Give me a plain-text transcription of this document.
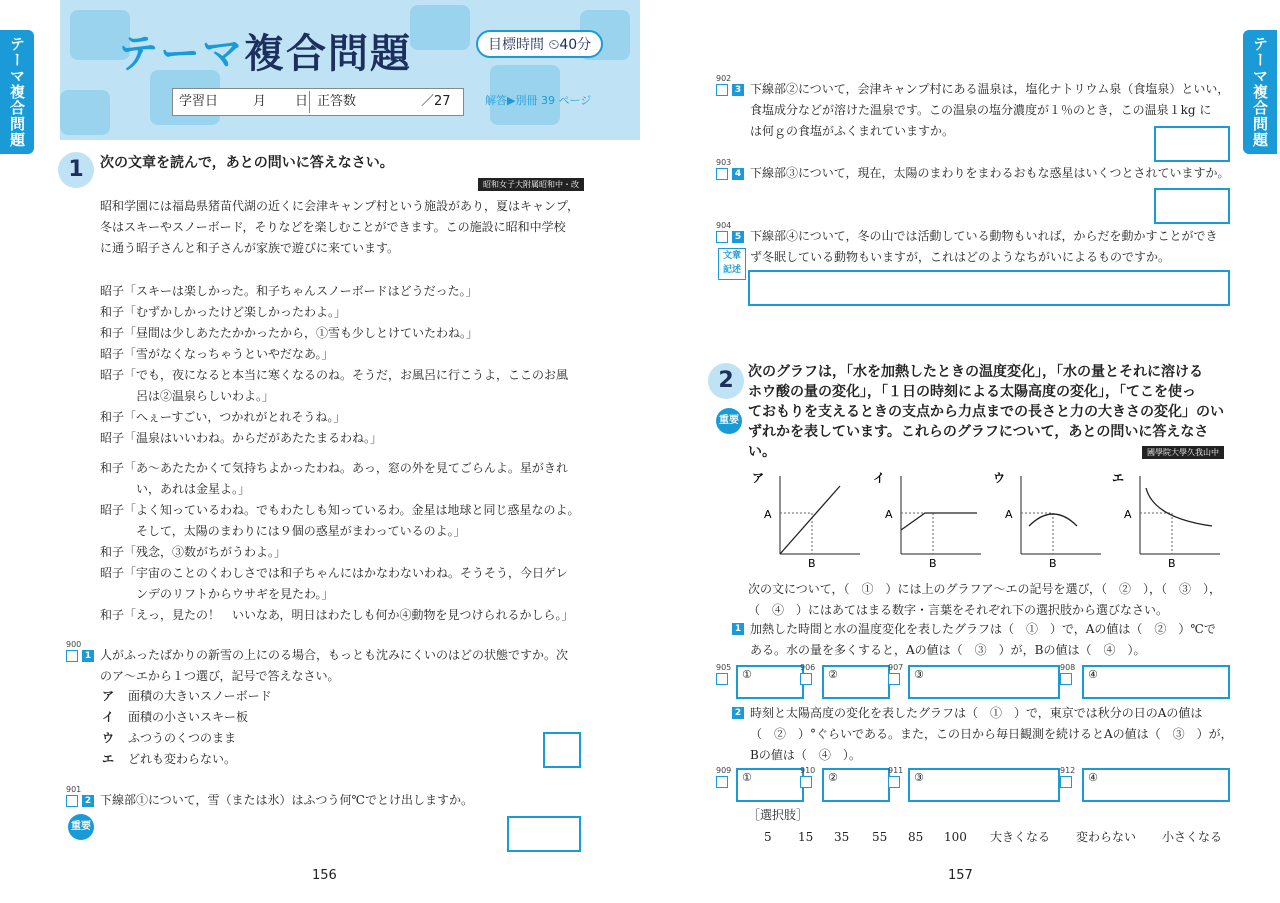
テーマ複合問題 テーマ複合問題	目標時間 ⏲40分
学習日	月 日 正答数	／27	解答▶別冊 39 ページ
1	次の文章を読んで，あとの問いに答えなさい。
昭和女子大附属昭和中・改
昭和学園には福島県猪苗代湖の近くに会津キャンプ村という施設があり，夏はキャンプ，
冬はスキーやスノーボード，そりなどを楽しむことができます。この施設に昭和中学校
に通う昭子さんと和子さんが家族で遊びに来ています。
昭子「スキーは楽しかった。和子ちゃんスノーボードはどうだった。」
和子「むずかしかったけど楽しかったわよ。」
和子「昼間は少しあたたかかったから，①雪も少しとけていたわね。」
昭子「雪がなくなっちゃうといやだなあ。」
昭子「でも，夜になると本当に寒くなるのね。そうだ，お風呂に行こうよ，ここのお風
　　　呂は②温泉らしいわよ。」
和子「へぇーすごい，つかれがとれそうね。」
昭子「温泉はいいわね。からだがあたたまるわね。」
和子「あ～あたたかくて気持ちよかったわね。あっ，窓の外を見てごらんよ。星がきれ
　　　い，あれは金星よ。」
昭子「よく知っているわね。でもわたしも知っているわ。金星は地球と同じ惑星なのよ。
　　　そして，太陽のまわりには９個の惑星がまわっているのよ。」
和子「残念，③数がちがうわよ。」
昭子「宇宙のことのくわしさでは和子ちゃんにはかなわないわね。そうそう，今日ゲレ
　　　ンデのリフトからウサギを見たわ。」
和子「えっ，見たの！　いいなあ，明日はわたしも何か④動物を見つけられるかしら。」
900
1 人がふったばかりの新雪の上にのる場合，もっとも沈みにくいのはどの状態ですか。次
のア～エから１つ選び，記号で答えなさい。
ア 面積の大きいスノーボード
イ 面積の小さいスキー板
ウ ふつうのくつのまま
エ どれも変わらない。
901
2 下線部①について，雪（または氷）はふつう何℃でとけ出しますか。
重要
156
テーマ複合問題
902
3 下線部②について，会津キャンプ村にある温泉は，塩化ナトリウム泉（食塩泉）といい，
食塩成分などが溶けた温泉です。この温泉の塩分濃度が１％のとき，この温泉１kg に
は何ｇの食塩がふくまれていますか。
903
4 下線部③について，現在，太陽のまわりをまわるおもな惑星はいくつとされていますか。
904
5 下線部④について，冬の山では活動している動物もいれば，からだを動かすことができ
ず冬眠している動物もいますが，これはどのようなちがいによるものですか。
文章記述
2
重要
次のグラフは，「水を加熱したときの温度変化」，「水の量とそれに溶ける
ホウ酸の量の変化」，「１日の時刻による太陽高度の変化」，「てこを使っ
ておもりを支えるときの支点から力点までの長さと力の大きさの変化」のい
ずれかを表しています。これらのグラフについて，あとの問いに答えなさ
い。	國學院大學久我山中
ア
A
B
イ
A
B
ウ
A
B
エ
A
B
次の文について，（　①　）には上のグラフア～エの記号を選び，（　②　），（　③　），
（　④　）にはあてはまる数字・言葉をそれぞれ下の選択肢から選びなさい。
1 加熱した時間と水の温度変化を表したグラフは（　①　）で，Aの値は（　②　）℃で
ある。水の量を多くすると，Aの値は（　③　）が，Bの値は（　④　）。
905
①
906
②
907
③
908
④
2 時刻と太陽高度の変化を表したグラフは（　①　）で，東京では秋分の日のAの値は
（　②　）°ぐらいである。また，この日から毎日観測を続けるとAの値は（　③　）が，
Bの値は（　④　）。
909
①
910
②
911
③
912
④
［選択肢］
5 15 35 55 85 100 大きくなる 変わらない 小さくなる
157
